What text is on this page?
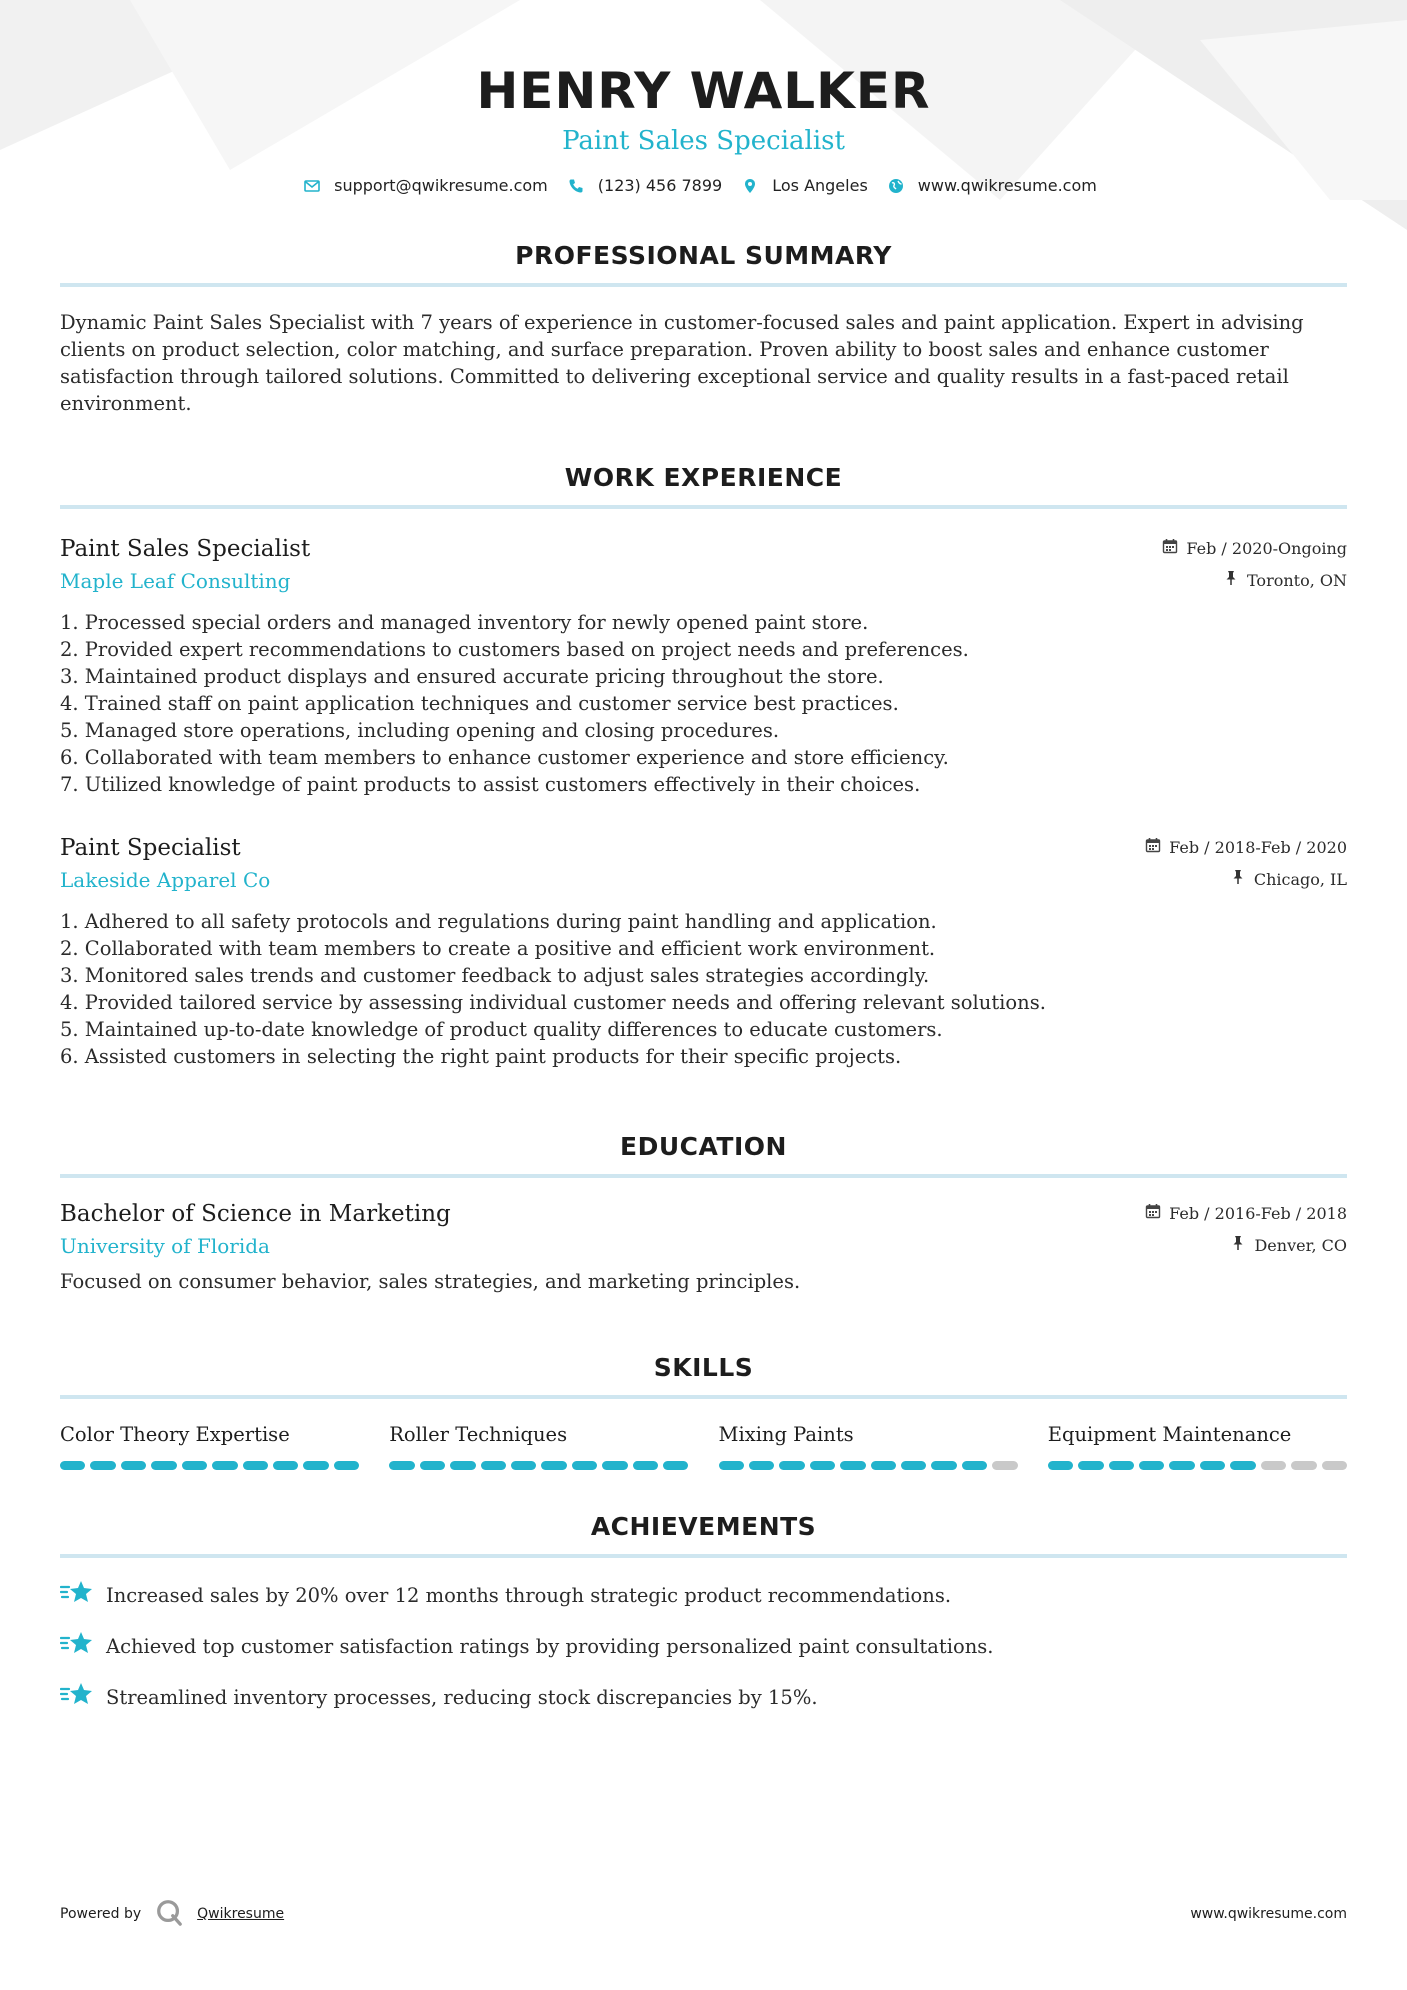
HENRY WALKER
Paint Sales Specialist
support@qwikresume.com	(123) 456 7899	Los Angeles	www.qwikresume.com
PROFESSIONAL SUMMARY

Dynamic Paint Sales Specialist with 7 years of experience in customer-focused sales and paint application. Expert in advising clients on product selection, color matching, and surface preparation. Proven ability to boost sales and enhance customer satisfaction through tailored solutions. Committed to delivering exceptional service and quality results in a fast-paced retail environment.

WORK EXPERIENCE
Paint Sales Specialist
Maple Leaf Consulting
Feb / 2020-Ongoing
Toronto, ON
1. Processed special orders and managed inventory for newly opened paint store.
2. Provided expert recommendations to customers based on project needs and preferences.
3. Maintained product displays and ensured accurate pricing throughout the store.
4. Trained staff on paint application techniques and customer service best practices.
5. Managed store operations, including opening and closing procedures.
6. Collaborated with team members to enhance customer experience and store efficiency.
7. Utilized knowledge of paint products to assist customers effectively in their choices.
Paint Specialist
Lakeside Apparel Co
Feb / 2018-Feb / 2020
Chicago, IL
1. Adhered to all safety protocols and regulations during paint handling and application.
2. Collaborated with team members to create a positive and efficient work environment.
3. Monitored sales trends and customer feedback to adjust sales strategies accordingly.
4. Provided tailored service by assessing individual customer needs and offering relevant solutions.
5. Maintained up-to-date knowledge of product quality differences to educate customers.
6. Assisted customers in selecting the right paint products for their specific projects.
EDUCATION
Bachelor of Science in Marketing
University of Florida
Feb / 2016-Feb / 2018
Denver, CO

Focused on consumer behavior, sales strategies, and marketing principles.

SKILLS
Color Theory Expertise	Roller Techniques	Mixing Paints	Equipment Maintenance
ACHIEVEMENTS
Increased sales by 20% over 12 months through strategic product recommendations.
Achieved top customer satisfaction ratings by providing personalized paint consultations.
Streamlined inventory processes, reducing stock discrepancies by 15%.
Powered by	Qwikresume	www.qwikresume.com
